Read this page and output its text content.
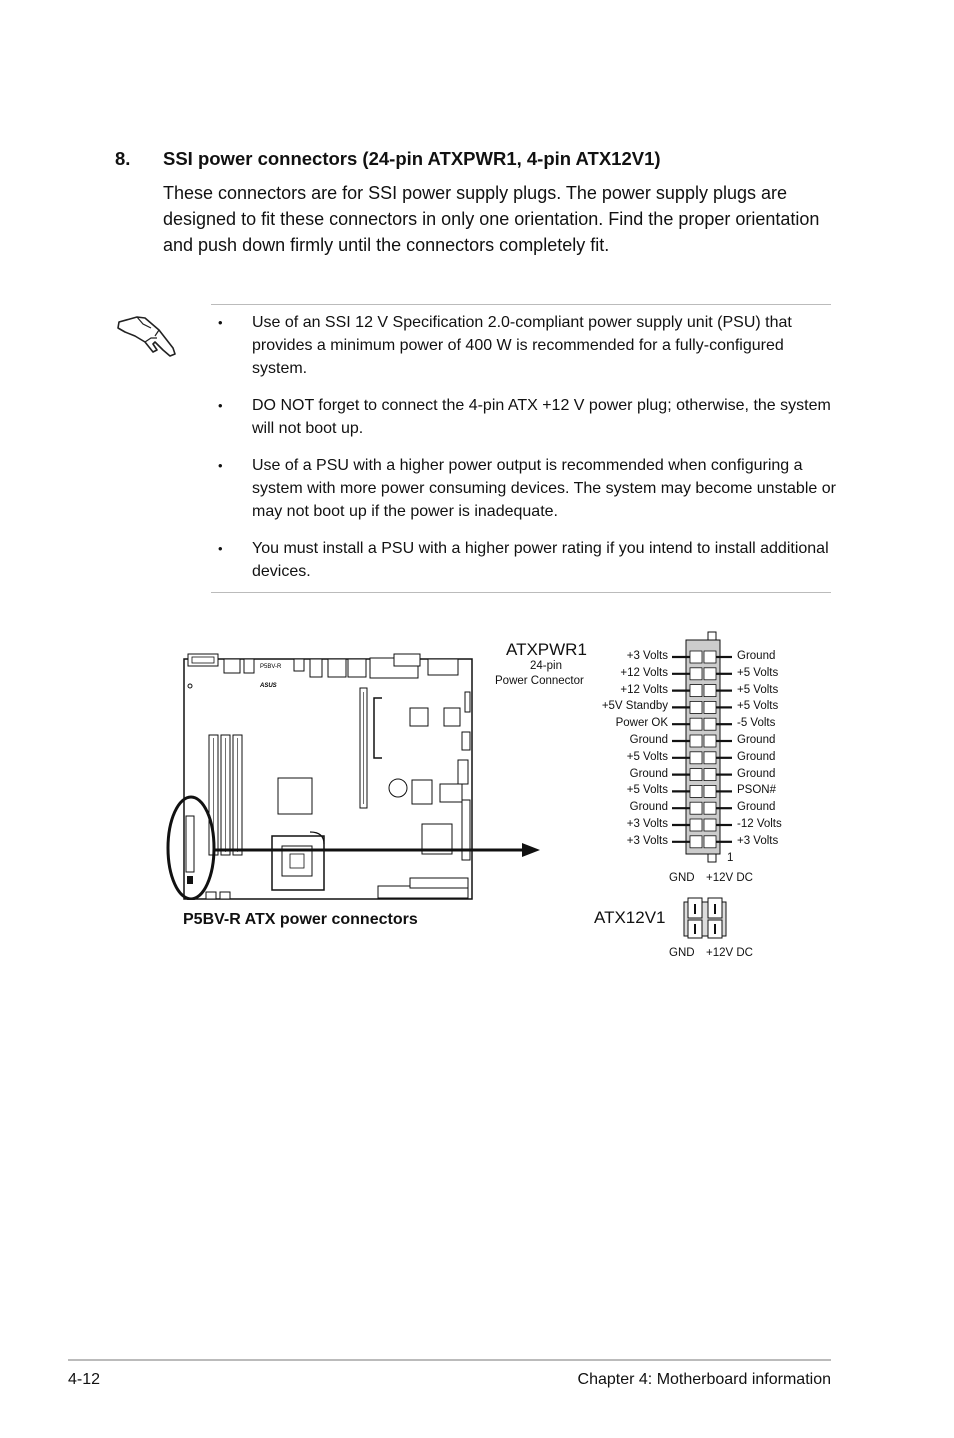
8. SSI power connectors (24-pin ATXPWR1, 4-pin ATX12V1)
These connectors are for SSI power supply plugs. The power supply plugs are designed to fit these connectors in only one orientation. Find the proper orientation and push down firmly until the connectors completely fit.
• Use of an SSI 12 V Specification 2.0-compliant power supply unit (PSU) that provides a minimum power of 400 W is recommended for a fully-configured system.
• DO NOT forget to connect the 4-pin ATX +12 V power plug; otherwise, the system will not boot up.
• Use of a PSU with a higher power output is recommended when configuring a system with more power consuming devices. The system may become unstable or may not boot up if the power is inadequate.
• You must install a PSU with a higher power rating if you intend to install additional devices.
P5BV-R
ASUS
P5BV-R ATX power connectors
ATXPWR1
24-pin
Power Connector
+3 Volts
+12 Volts
+12 Volts
+5V Standby
Power OK
Ground
+5 Volts
Ground
+5 Volts
Ground
+3 Volts
+3 Volts
Ground
+5 Volts
+5 Volts
+5 Volts
-5 Volts
Ground
Ground
Ground
PSON#
Ground
-12 Volts
+3 Volts
1
GND +12V DC
ATX12V1
GND +12V DC
4-12	Chapter 4: Motherboard information
